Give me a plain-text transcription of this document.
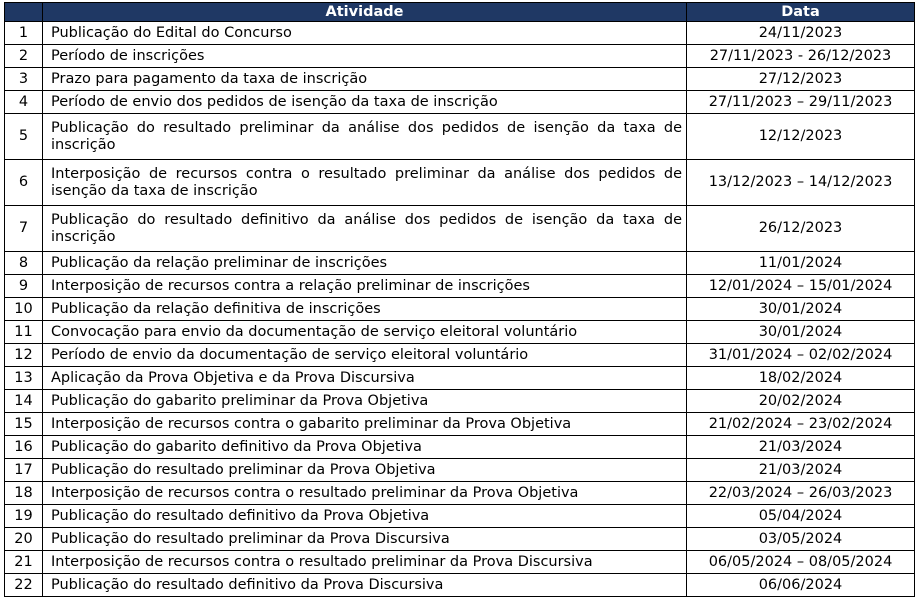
	Atividade	Data
1	Publicação do Edital do Concurso	24/11/2023
2	Período de inscrições	27/11/2023 - 26/12/2023
3	Prazo para pagamento da taxa de inscrição	27/12/2023
4	Período de envio dos pedidos de isenção da taxa de inscrição	27/11/2023 – 29/11/2023
5	Publicação do resultado preliminar da análise dos pedidos de isenção da taxa de inscrição	12/12/2023
6	Interposição de recursos contra o resultado preliminar da análise dos pedidos de isenção da taxa de inscrição	13/12/2023 – 14/12/2023
7	Publicação do resultado definitivo da análise dos pedidos de isenção da taxa de inscrição	26/12/2023
8	Publicação da relação preliminar de inscrições	11/01/2024
9	Interposição de recursos contra a relação preliminar de inscrições	12/01/2024 – 15/01/2024
10	Publicação da relação definitiva de inscrições	30/01/2024
11	Convocação para envio da documentação de serviço eleitoral voluntário	30/01/2024
12	Período de envio da documentação de serviço eleitoral voluntário	31/01/2024 – 02/02/2024
13	Aplicação da Prova Objetiva e da Prova Discursiva	18/02/2024
14	Publicação do gabarito preliminar da Prova Objetiva	20/02/2024
15	Interposição de recursos contra o gabarito preliminar da Prova Objetiva	21/02/2024 – 23/02/2024
16	Publicação do gabarito definitivo da Prova Objetiva	21/03/2024
17	Publicação do resultado preliminar da Prova Objetiva	21/03/2024
18	Interposição de recursos contra o resultado preliminar da Prova Objetiva	22/03/2024 – 26/03/2023
19	Publicação do resultado definitivo da Prova Objetiva	05/04/2024
20	Publicação do resultado preliminar da Prova Discursiva	03/05/2024
21	Interposição de recursos contra o resultado preliminar da Prova Discursiva	06/05/2024 – 08/05/2024
22	Publicação do resultado definitivo da Prova Discursiva	06/06/2024
